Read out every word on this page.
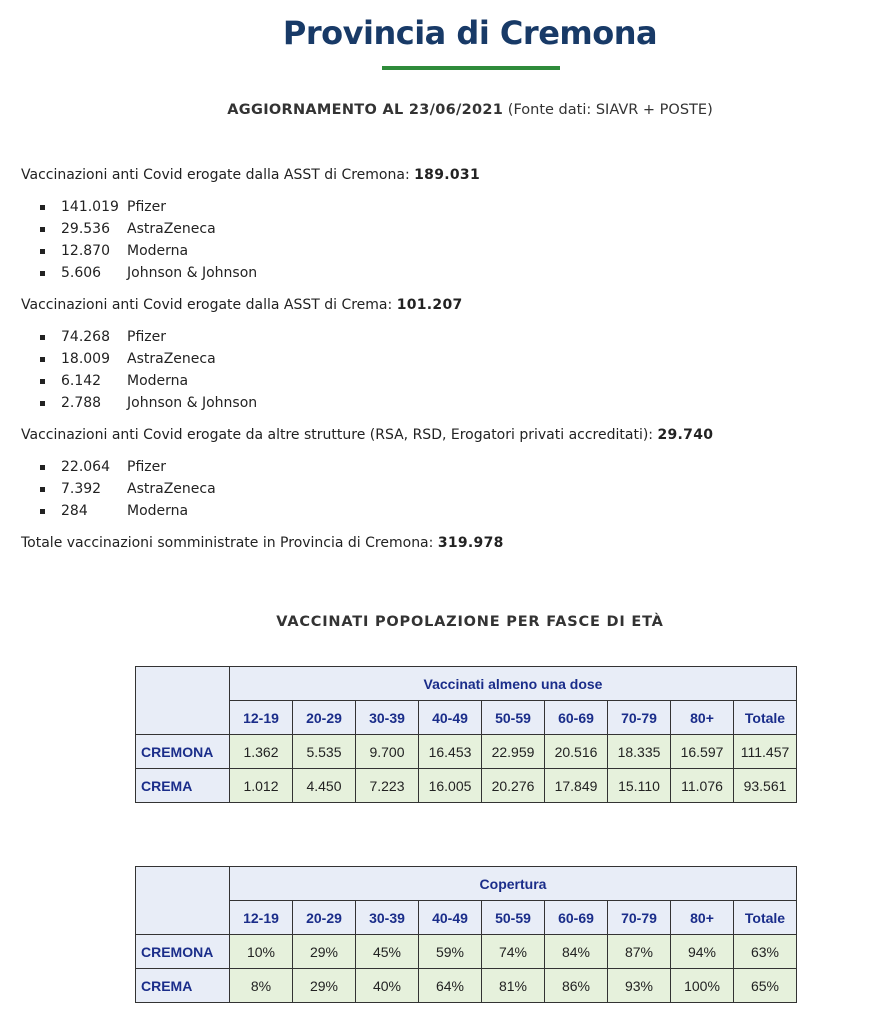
Provincia di Cremona
AGGIORNAMENTO AL 23/06/2021 (Fonte dati: SIAVR + POSTE)
Vaccinazioni anti Covid erogate dalla ASST di Cremona: 189.031
141.019 Pfizer
29.536 AstraZeneca
12.870 Moderna
5.606 Johnson & Johnson
Vaccinazioni anti Covid erogate dalla ASST di Crema: 101.207
74.268 Pfizer
18.009 AstraZeneca
6.142 Moderna
2.788 Johnson & Johnson
Vaccinazioni anti Covid erogate da altre strutture (RSA, RSD, Erogatori privati accreditati): 29.740
22.064 Pfizer
7.392 AstraZeneca
284	Moderna
Totale vaccinazioni somministrate in Provincia di Cremona: 319.978
VACCINATI POPOLAZIONE PER FASCE DI ETÀ
	Vaccinati almeno una dose								
	12-19	20-29	30-39	40-49	50-59	60-69	70-79	80+	Totale
CREMONA	1.362	5.535	9.700	16.453	22.959	20.516	18.335	16.597	111.457
CREMA	1.012	4.450	7.223	16.005	20.276	17.849	15.110	11.076	93.561
	Copertura								
	12-19	20-29	30-39	40-49	50-59	60-69	70-79	80+	Totale
CREMONA	10%	29%	45%	59%	74%	84%	87%	94%	63%
CREMA	8%	29%	40%	64%	81%	86%	93%	100%	65%
